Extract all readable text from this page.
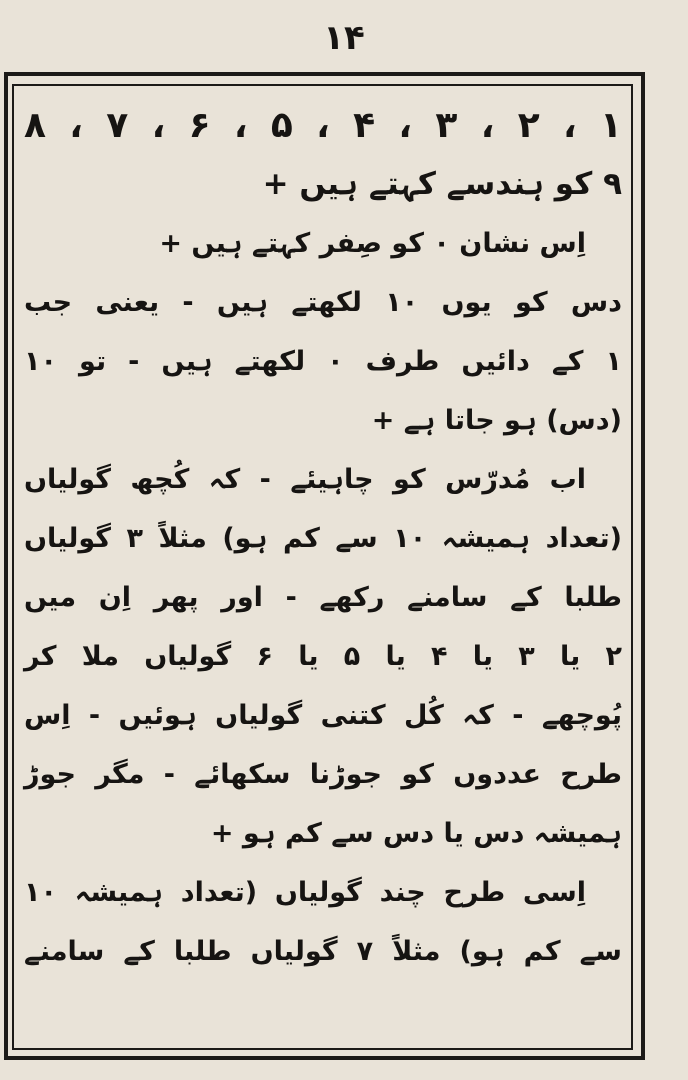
۱۴
۱ ، ۲ ، ۳ ، ۴ ، ۵ ، ۶ ، ۷ ، ۸
۹ کو ہندسے کہتے ہیں +
اِس نشان ۰ کو صِفر کہتے ہیں +
دس کو یوں ۱۰ لکھتے ہیں - یعنی جب
۱ کے دائیں طرف ۰ لکھتے ہیں - تو ۱۰
(دس) ہو جاتا ہے +
اب مُدرّس کو چاہیئے - کہ کُچھ گولیاں
(تعداد ہمیشہ ۱۰ سے کم ہو) مثلاً ۳ گولیاں
طلبا کے سامنے رکھے - اور پھر اِن میں
۲ یا ۳ یا ۴ یا ۵ یا ۶ گولیاں ملا کر
پُوچھے - کہ کُل کتنی گولیاں ہوئیں - اِس
طرح عددوں کو جوڑنا سکھائے - مگر جوڑ
ہمیشہ دس یا دس سے کم ہو +
اِسی طرح چند گولیاں (تعداد ہمیشہ ۱۰
سے کم ہو) مثلاً ۷ گولیاں طلبا کے سامنے
